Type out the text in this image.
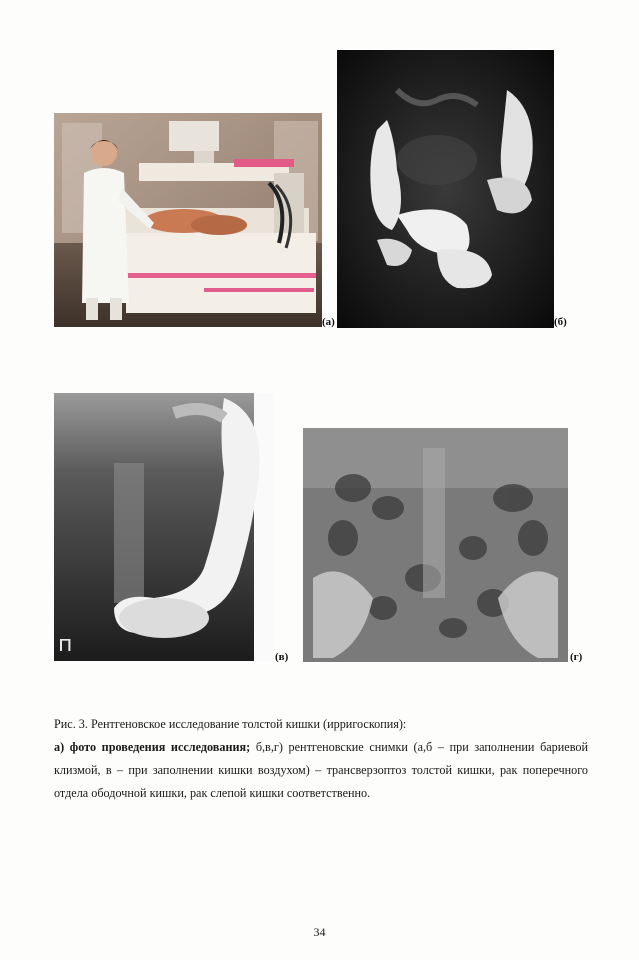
(а)	(б)
п	(в)	(г)
Рис. 3. Рентгеновское исследование толстой кишки (ирригоскопия):
а) фото проведения исследования; б,в,г) рентгеновские снимки (а,б – при заполнении бариевой клизмой, в – при заполнении кишки воздухом) – трансверзоптоз толстой кишки, рак поперечного отдела ободочной кишки, рак слепой кишки соответственно.
34
